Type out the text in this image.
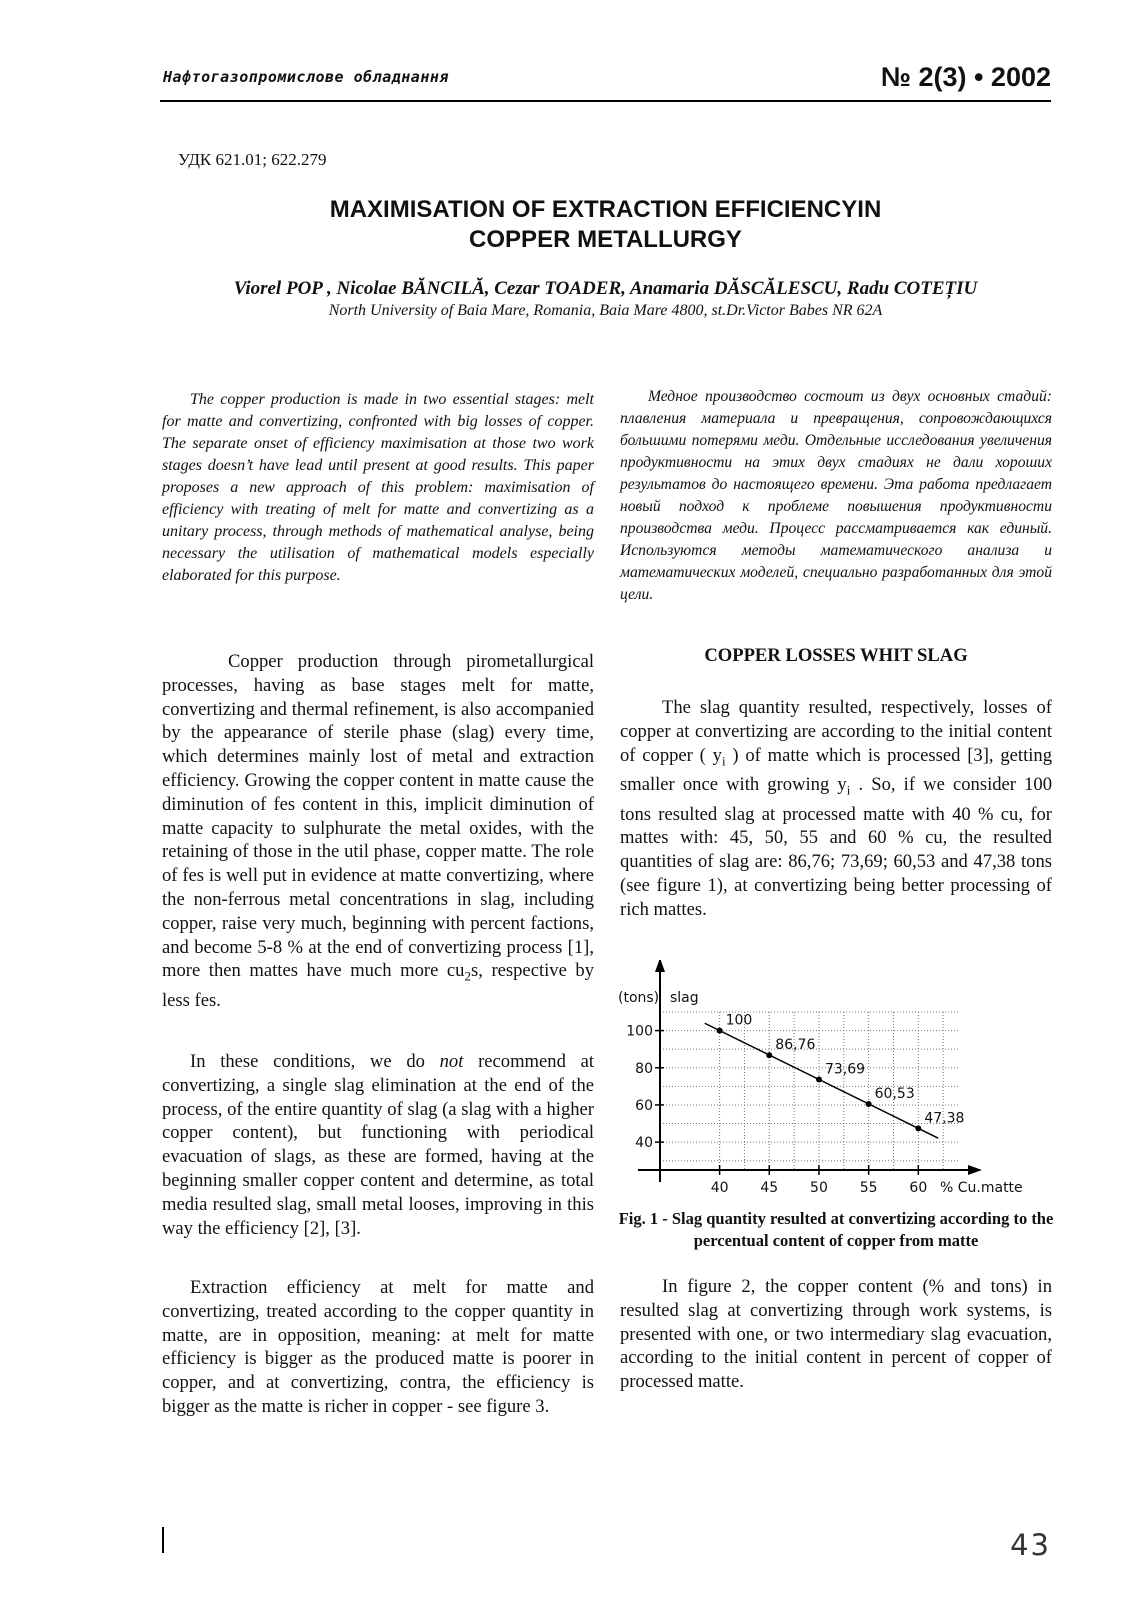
Нафтогазопромислове обладнання	№ 2(3) • 2002
УДК 621.01; 622.279
MAXIMISATION OF EXTRACTION EFFICIENCYIN
COPPER METALLURGY
Viorel POP , Nicolae BĂNCILĂ, Cezar TOADER, Anamaria DĂSCĂLESCU, Radu COTEȚIU
North University of Baia Mare, Romania, Baia Mare 4800, st.Dr.Victor Babes NR 62A
The copper production is made in two essential stages: melt for matte and convertizing, confronted with big losses of copper. The separate onset of efficiency maximisation at those two work stages doesn’t have lead until present at good results. This paper proposes a new approach of this problem: maximisation of efficiency with treating of melt for matte and convertizing as a unitary process, through methods of mathematical analyse, being necessary the utilisation of mathematical models especially elaborated for this purpose.
Медное производство состоит из двух основных стадий: плавления материала и превращения, сопровождающихся большими потерями меди. Отдельные исследования увеличения продуктивности на этих двух стадиях не дали хороших результатов до настоящего времени. Эта работа предлагает новый подход к проблеме повышения продуктивности производства меди. Процесс рассматривается как единый. Используются методы математического анализа и математических моделей, специально разработанных для этой цели.
Copper production through pirometallurgical processes, having as base stages melt for matte, convertizing and thermal refinement, is also accompanied by the appearance of sterile phase (slag) every time, which determines mainly lost of metal and extraction efficiency. Growing the copper content in matte cause the diminution of fes content in this, implicit diminution of matte capacity to sulphurate the metal oxides, with the retaining of those in the util phase, copper matte. The role of fes is well put in evidence at matte convertizing, where the non-ferrous metal concentrations in slag, including copper, raise very much, beginning with percent factions, and become 5-8 % at the end of convertizing process [1], more then mattes have much more $cu_2s$, respective by less fes.
In these conditions, we do not recommend at convertizing, a single slag elimination at the end of the process, of the entire quantity of slag (a slag with a higher copper content), but functioning with periodical evacuation of slags, as these are formed, having at the beginning smaller copper content and determine, as total media resulted slag, small metal looses, improving in this way the efficiency [2], [3].
Extraction efficiency at melt for matte and convertizing, treated according to the copper quantity in matte, are in opposition, meaning: at melt for matte efficiency is bigger as the produced matte is poorer in copper, and at convertizing, contra, the efficiency is bigger as the matte is richer in copper - see figure 3.
COPPER LOSSES WHIT SLAG
The slag quantity resulted, respectively, losses of copper at convertizing are according to the initial content of copper ( $y_i$ ) of matte which is processed [3], getting smaller once with growing $y_i$ . So, if we consider 100 tons resulted slag at processed matte with 40 % cu, for mattes with: 45, 50, 55 and 60 % cu, the resulted quantities of slag are: 86,76; 73,69; 60,53 and 47,38 tons (see figure 1), at convertizing being better processing of rich mattes.
40 45 50 55 60
100
80
60
40
100
86,76
73,69
60,53
47,38
(tons) slag
% Cu.matte
Fig. 1 - Slag quantity resulted at convertizing according to the percentual content of copper from matte
In figure 2, the copper content (% and tons) in resulted slag at convertizing through work systems, is presented with one, or two intermediary slag evacuation, according to the initial content in percent of copper of processed matte.
43
